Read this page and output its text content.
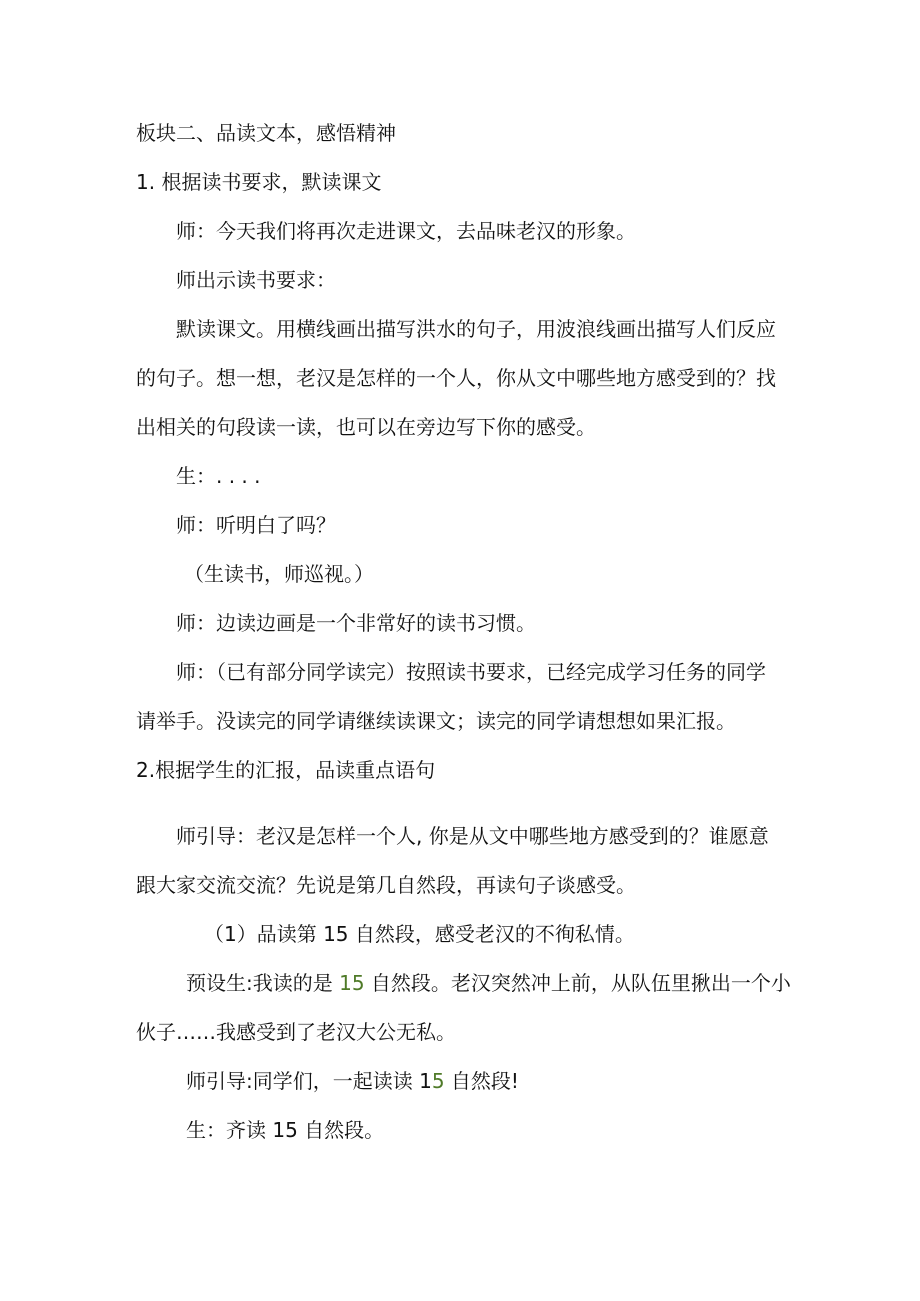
板块二、品读文本，感悟精神
1. 根据读书要求，默读课文
师：今天我们将再次走进课文，去品味老汉的形象。
师出示读书要求：
默读课文。用横线画出描写洪水的句子，用波浪线画出描写人们反应
的句子。想一想，老汉是怎样的一个人，你从文中哪些地方感受到的？找
出相关的句段读一读，也可以在旁边写下你的感受。
生：. . . .
师：听明白了吗？
（生读书，师巡视。）
师：边读边画是一个非常好的读书习惯。
师：（已有部分同学读完）按照读书要求，已经完成学习任务的同学
请举手。没读完的同学请继续读课文；读完的同学请想想如果汇报。
2.根据学生的汇报，品读重点语句
师引导：老汉是怎样一个人, 你是从文中哪些地方感受到的？谁愿意
跟大家交流交流？先说是第几自然段，再读句子谈感受。
（1）品读第 15 自然段，感受老汉的不徇私情。
预设生:我读的是 15 自然段。老汉突然冲上前，从队伍里揪出一个小
伙子……我感受到了老汉大公无私。
师引导:同学们，一起读读 15 自然段!
生：齐读 15 自然段。
